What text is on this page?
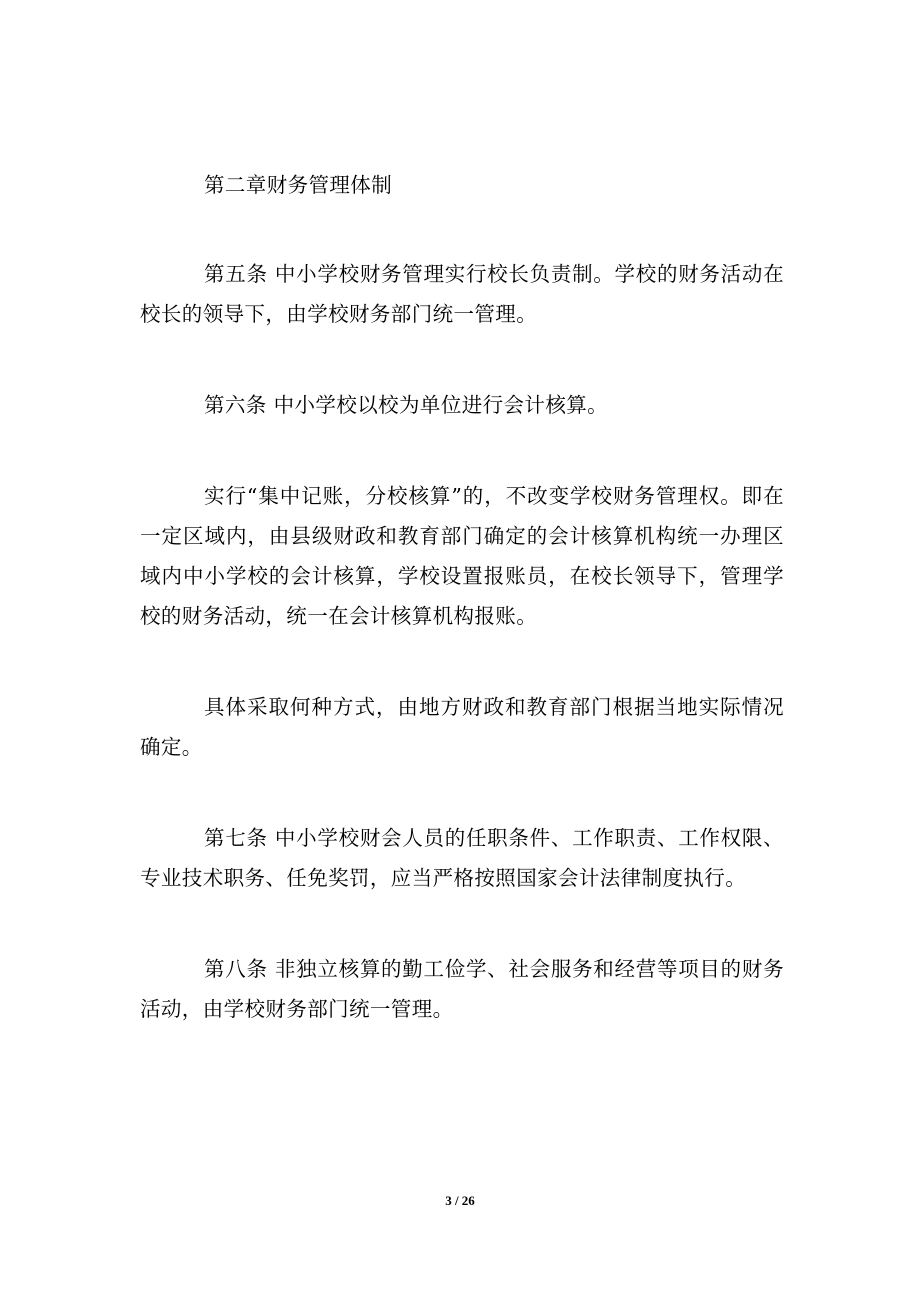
第二章财务管理体制

第五条 中小学校财务管理实行校长负责制。学校的财务活动在校长的领导下，由学校财务部门统一管理。

第六条 中小学校以校为单位进行会计核算。

实行“集中记账，分校核算”的，不改变学校财务管理权。即在一定区域内，由县级财政和教育部门确定的会计核算机构统一办理区域内中小学校的会计核算，学校设置报账员，在校长领导下，管理学校的财务活动，统一在会计核算机构报账。

具体采取何种方式，由地方财政和教育部门根据当地实际情况确定。

第七条 中小学校财会人员的任职条件、工作职责、工作权限、专业技术职务、任免奖罚，应当严格按照国家会计法律制度执行。

第八条 非独立核算的勤工俭学、社会服务和经营等项目的财务活动，由学校财务部门统一管理。

3 / 26
